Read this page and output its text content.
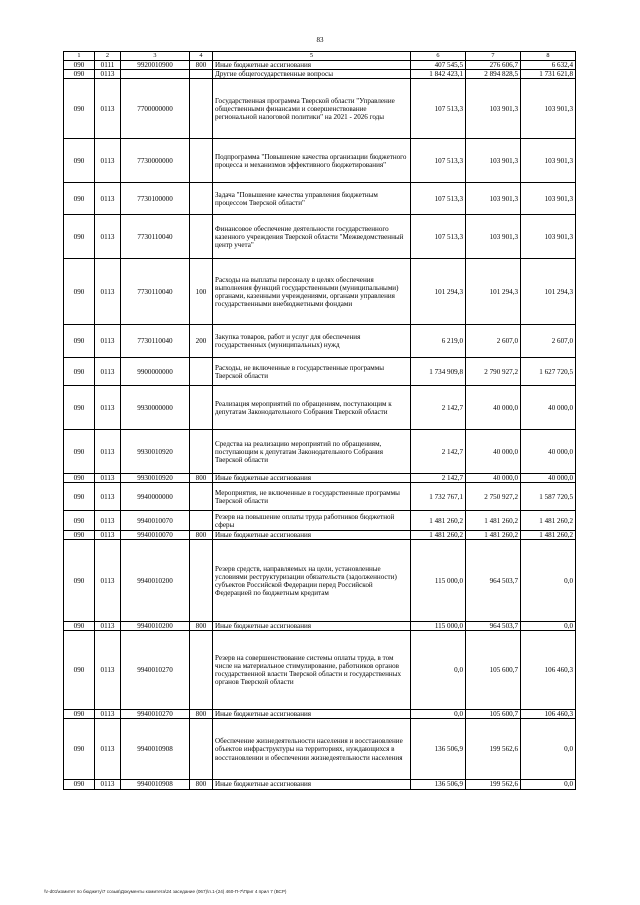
83
1	2	3	4	5	6	7	8
090	0111	9920010900	800	Иные бюджетные ассигнования	407 545,5	276 606,7	6 632,4
090	0113			Другие общегосударственные вопросы	1 842 423,1	2 894 828,5	1 731 621,8
090	0113	7700000000		Государственная программа Тверской области "Управление общественными финансами и совершенствование региональной налоговой политики" на 2021 - 2026 годы	107 513,3	103 901,3	103 901,3
090	0113	7730000000		Подпрограмма "Повышение качества организации бюджетного процесса и механизмов эффективного бюджетирования"	107 513,3	103 901,3	103 901,3
090	0113	7730100000		Задача "Повышение качества управления бюджетным процессом Тверской области"	107 513,3	103 901,3	103 901,3
090	0113	7730110040		Финансовое обеспечение деятельности государственного казенного учреждения Тверской области "Межведомственный центр учета"	107 513,3	103 901,3	103 901,3
090	0113	7730110040	100	Расходы на выплаты персоналу в целях обеспечения выполнения функций государственными (муниципальными) органами, казенными учреждениями, органами управления государственными внебюджетными фондами	101 294,3	101 294,3	101 294,3
090	0113	7730110040	200	Закупка товаров, работ и услуг для обеспечения государственных (муниципальных) нужд	6 219,0	2 607,0	2 607,0
090	0113	9900000000		Расходы, не включенные в государственные программы Тверской области	1 734 909,8	2 790 927,2	1 627 720,5
090	0113	9930000000		Реализация мероприятий по обращениям, поступающим к депутатам Законодательного Собрания Тверской области	2 142,7	40 000,0	40 000,0
090	0113	9930010920		Средства на реализацию мероприятий по обращениям, поступающим к депутатам Законодательного Собрания Тверской области	2 142,7	40 000,0	40 000,0
090	0113	9930010920	800	Иные бюджетные ассигнования	2 142,7	40 000,0	40 000,0
090	0113	9940000000		Мероприятия, не включенные в государственные программы Тверской области	1 732 767,1	2 750 927,2	1 587 720,5
090	0113	9940010070		Резерв на повышение оплаты труда работников бюджетной сферы	1 481 260,2	1 481 260,2	1 481 260,2
090	0113	9940010070	800	Иные бюджетные ассигнования	1 481 260,2	1 481 260,2	1 481 260,2
090	0113	9940010200		Резерв средств, направляемых на цели, установленные условиями реструктуризации обязательств (задолженности) субъектов Российской Федерации перед Российской Федерацией по бюджетным кредитам	115 000,0	964 503,7	0,0
090	0113	9940010200	800	Иные бюджетные ассигнования	115 000,0	964 503,7	0,0
090	0113	9940010270		Резерв на совершенствование системы оплаты труда, в том числе на материальное стимулирование, работников органов государственной власти Тверской области и государственных органов Тверской области	0,0	105 600,7	106 460,3
090	0113	9940010270	800	Иные бюджетные ассигнования	0,0	105 600,7	106 460,3
090	0113	9940010908		Обеспечение жизнедеятельности населения и восстановление объектов инфраструктуры на территориях, нуждающихся в восстановлении и обеспечении жизнедеятельности населения	136 506,9	199 562,6	0,0
090	0113	9940010908	800	Иные бюджетные ассигнования	136 506,9	199 562,6	0,0
\\r-d01\комитет по бюджету\7 созыв\Документы комитета\24 заседание (067)\п.1-(24) 460-П-7\Приг 4 прил 7 (ВСР)
